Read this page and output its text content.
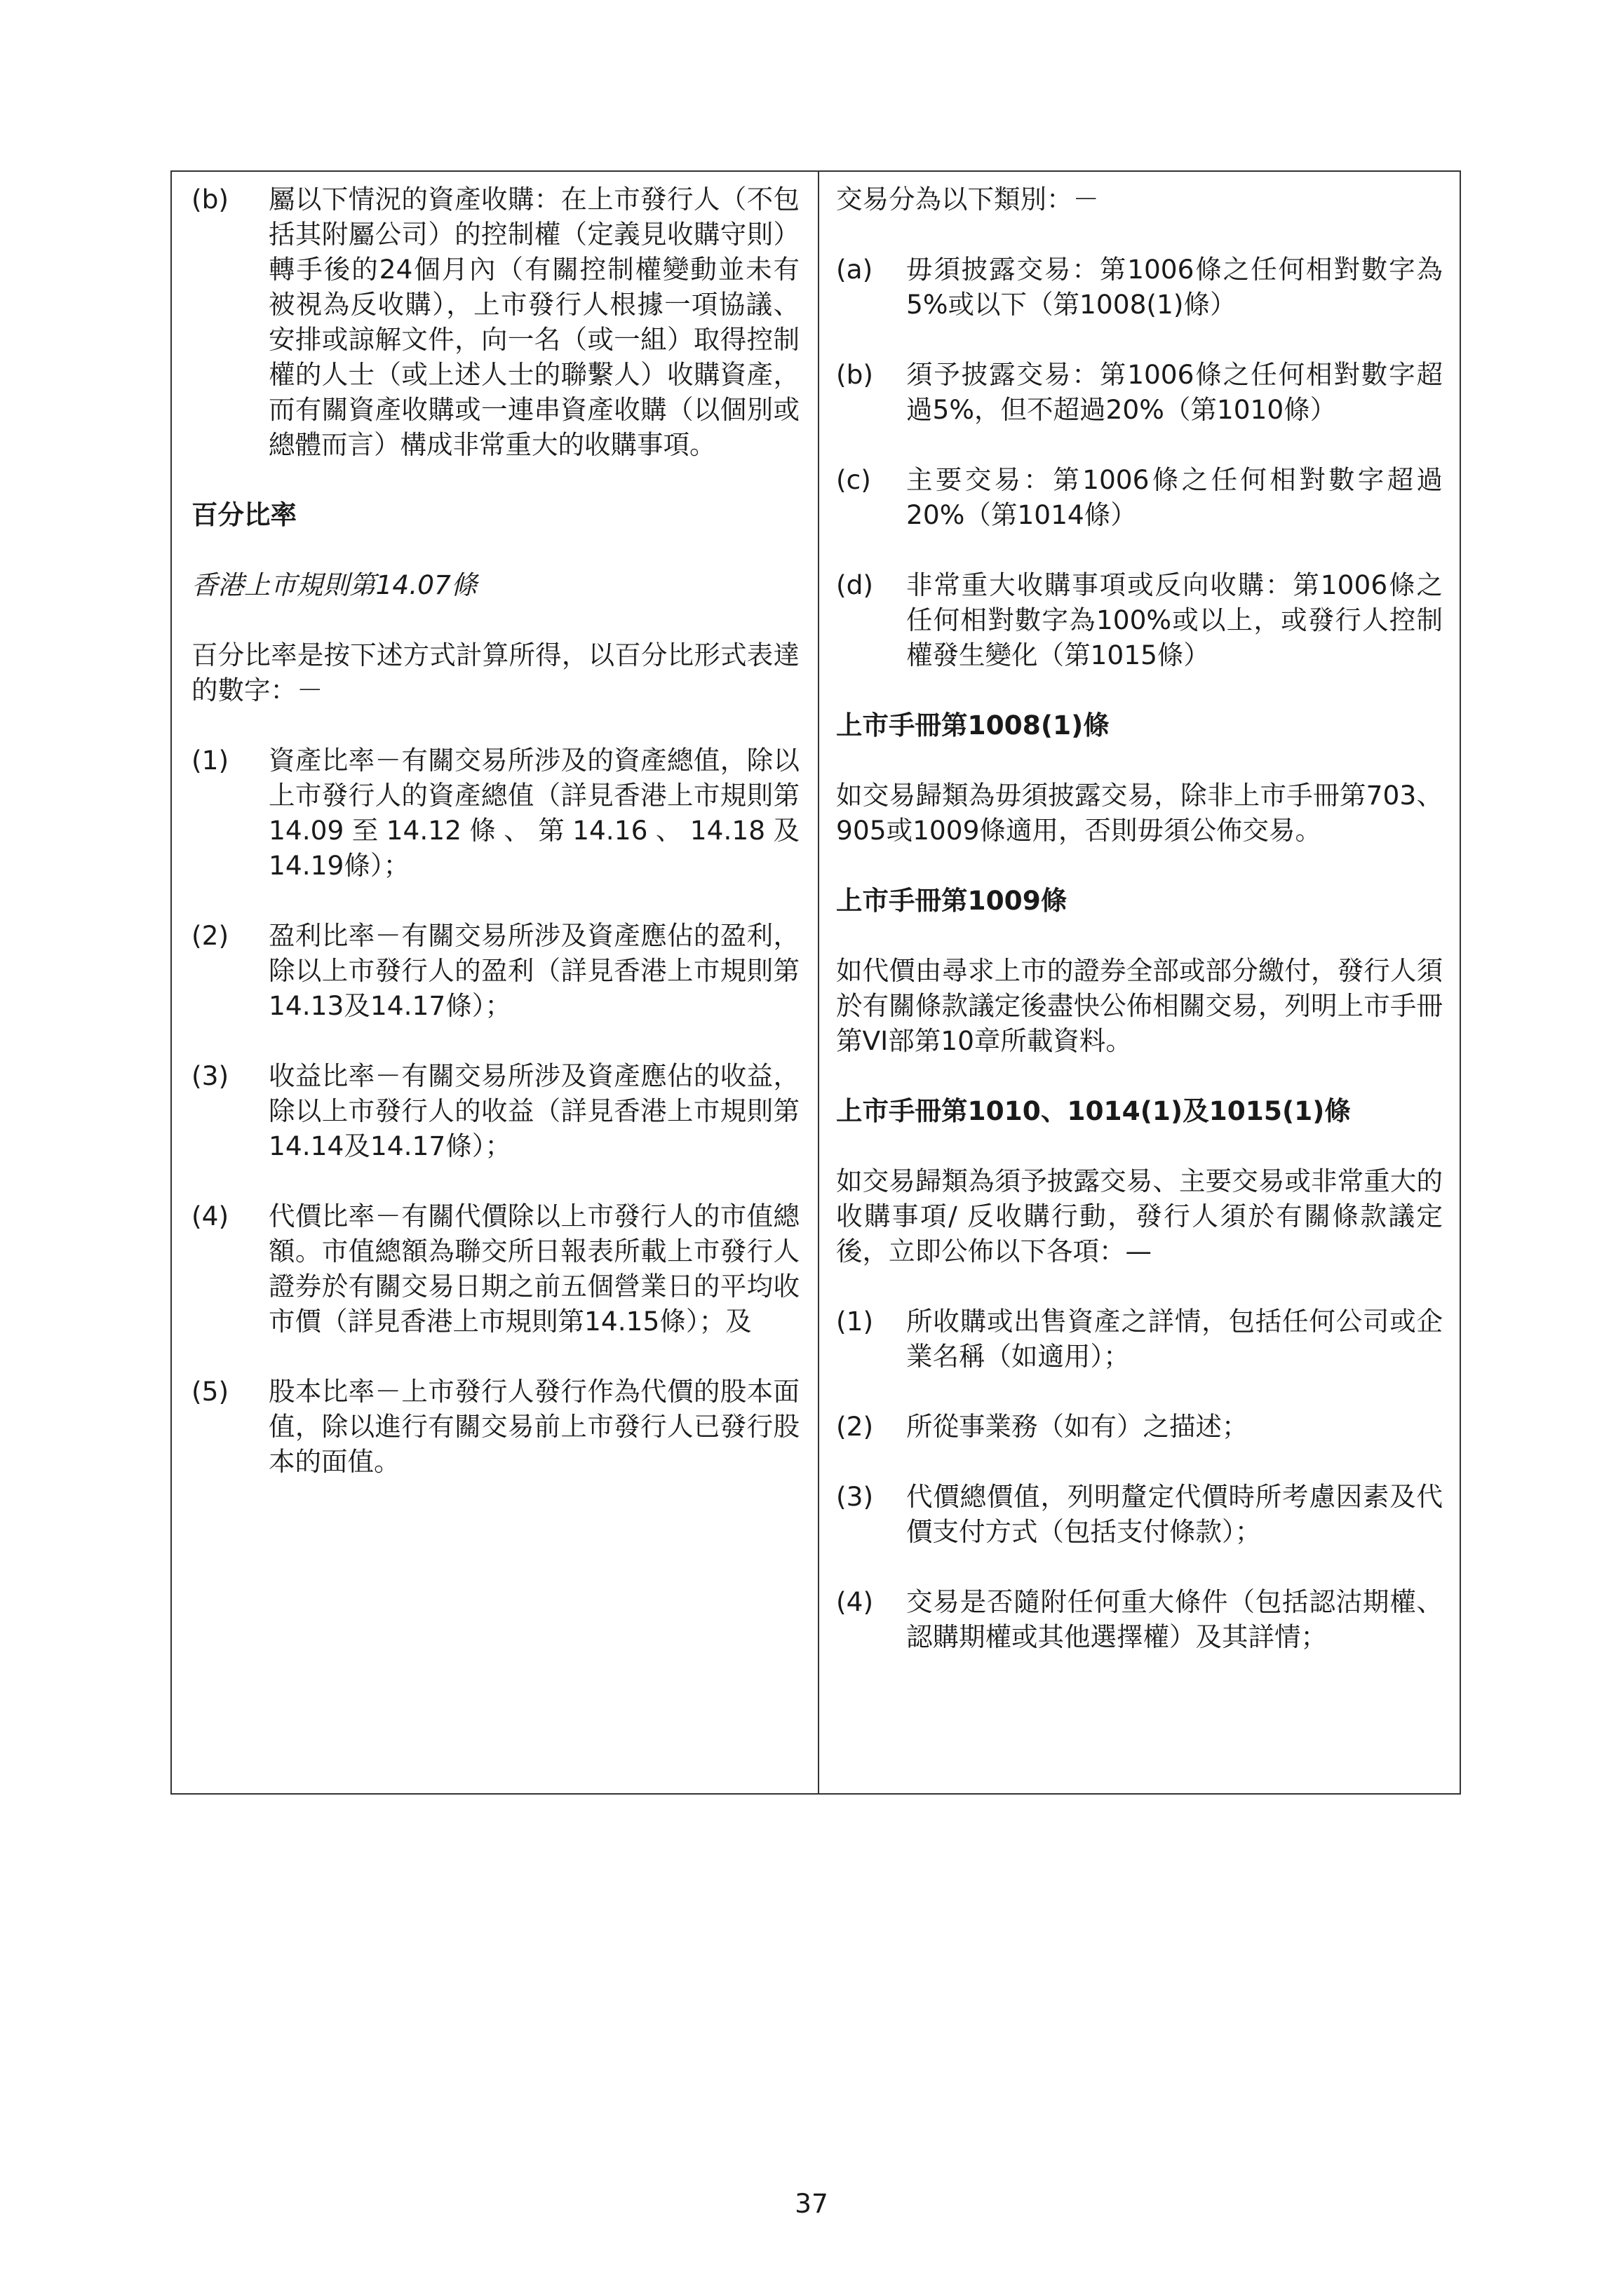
(b)	屬以下情況的資產收購：在上市發行人（不包括其附屬公司）的控制權（定義見收購守則）轉手後的24個月內（有關控制權變動並未有被視為反收購），上市發行人根據一項協議、安排或諒解文件，向一名（或一組）取得控制權的人士（或上述人士的聯繫人）收購資產，而有關資產收購或一連串資產收購（以個別或總體而言）構成非常重大的收購事項。
百分比率
香港上市規則第14.07條
百分比率是按下述方式計算所得，以百分比形式表達的數字：－
(1)	資產比率－有關交易所涉及的資產總值，除以上市發行人的資產總值（詳見香港上市規則第14.09至14.12條、第14.16、14.18及14.19條）；
(2)	盈利比率－有關交易所涉及資產應佔的盈利，除以上市發行人的盈利（詳見香港上市規則第14.13及14.17條）；
(3)	收益比率－有關交易所涉及資產應佔的收益，除以上市發行人的收益（詳見香港上市規則第14.14及14.17條）；
(4)	代價比率－有關代價除以上市發行人的市值總額。市值總額為聯交所日報表所載上市發行人證券於有關交易日期之前五個營業日的平均收市價（詳見香港上市規則第14.15條）；及
(5)	股本比率－上市發行人發行作為代價的股本面值，除以進行有關交易前上市發行人已發行股本的面值。
交易分為以下類別：－
(a)	毋須披露交易：第1006條之任何相對數字為5%或以下（第1008(1)條）
(b)	須予披露交易：第1006條之任何相對數字超過5%，但不超過20%（第1010條）
(c)	主要交易：第1006條之任何相對數字超過20%（第1014條）
(d)	非常重大收購事項或反向收購：第1006條之任何相對數字為100%或以上，或發行人控制權發生變化（第1015條）
上市手冊第1008(1)條
如交易歸類為毋須披露交易，除非上市手冊第703、905或1009條適用，否則毋須公佈交易。
上市手冊第1009條
如代價由尋求上市的證券全部或部分繳付，發行人須於有關條款議定後盡快公佈相關交易，列明上市手冊第VI部第10章所載資料。
上市手冊第1010、1014(1)及1015(1)條
如交易歸類為須予披露交易、主要交易或非常重大的收購事項/ 反收購行動，發行人須於有關條款議定後，立即公佈以下各項：—
(1)	所收購或出售資產之詳情，包括任何公司或企業名稱（如適用）；
(2)	所從事業務（如有）之描述；
(3)	代價總價值，列明釐定代價時所考慮因素及代價支付方式（包括支付條款）；
(4)	交易是否隨附任何重大條件（包括認沽期權、認購期權或其他選擇權）及其詳情；
37
